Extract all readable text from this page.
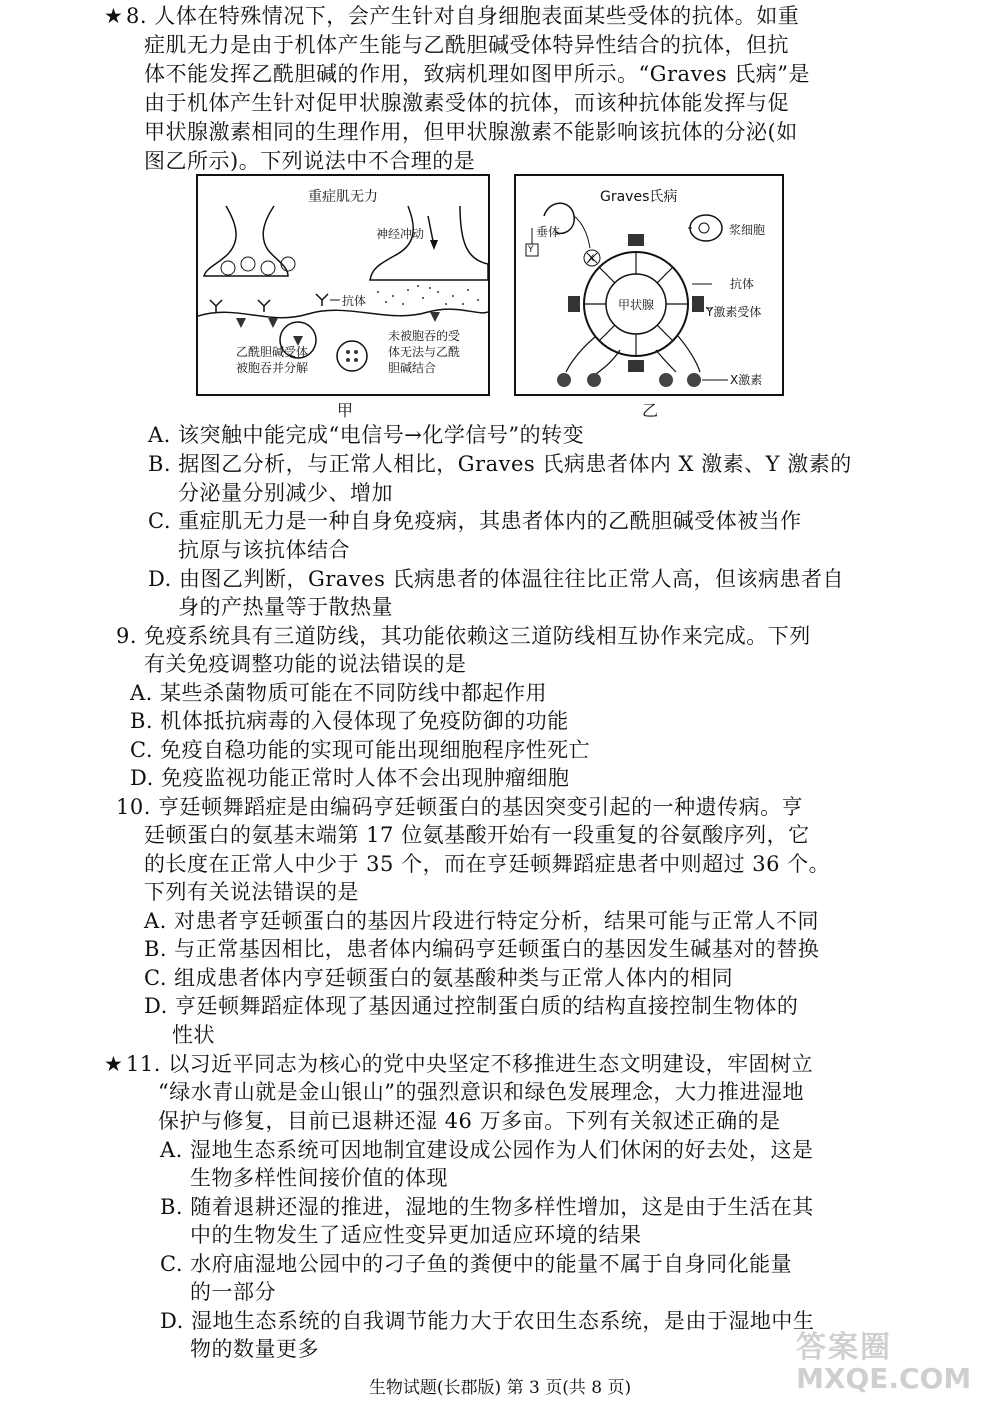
★ 8. 人体在特殊情况下，会产生针对自身细胞表面某些受体的抗体。如重
症肌无力是由于机体产生能与乙酰胆碱受体特异性结合的抗体，但抗
体不能发挥乙酰胆碱的作用，致病机理如图甲所示。“Graves 氏病”是
由于机体产生针对促甲状腺激素受体的抗体，而该种抗体能发挥与促
甲状腺激素相同的生理作用，但甲状腺激素不能影响该抗体的分泌(如
图乙所示)。下列说法中不合理的是
重症肌无力
神经冲动
抗体
乙酰胆碱受体
被胞吞并分解
未被胞吞的受
体无法与乙酰
胆碱结合
甲
Graves氏病
垂体	浆细胞
抗体
甲状腺	Y激素受体
X激素
X
Y
乙
A. 该突触中能完成“电信号→化学信号”的转变
B. 据图乙分析，与正常人相比，Graves 氏病患者体内 X 激素、Y 激素的
分泌量分别减少、增加
C. 重症肌无力是一种自身免疫病，其患者体内的乙酰胆碱受体被当作
抗原与该抗体结合
D. 由图乙判断，Graves 氏病患者的体温往往比正常人高，但该病患者自
身的产热量等于散热量
9. 免疫系统具有三道防线，其功能依赖这三道防线相互协作来完成。下列
有关免疫调整功能的说法错误的是
A. 某些杀菌物质可能在不同防线中都起作用
B. 机体抵抗病毒的入侵体现了免疫防御的功能
C. 免疫自稳功能的实现可能出现细胞程序性死亡
D. 免疫监视功能正常时人体不会出现肿瘤细胞
10. 亨廷顿舞蹈症是由编码亨廷顿蛋白的基因突变引起的一种遗传病。亨
廷顿蛋白的氨基末端第 17 位氨基酸开始有一段重复的谷氨酸序列，它
的长度在正常人中少于 35 个，而在亨廷顿舞蹈症患者中则超过 36 个。
下列有关说法错误的是
A. 对患者亨廷顿蛋白的基因片段进行特定分析，结果可能与正常人不同
B. 与正常基因相比，患者体内编码亨廷顿蛋白的基因发生碱基对的替换
C. 组成患者体内亨廷顿蛋白的氨基酸种类与正常人体内的相同
D. 亨廷顿舞蹈症体现了基因通过控制蛋白质的结构直接控制生物体的
性状
★ 11. 以习近平同志为核心的党中央坚定不移推进生态文明建设，牢固树立
“绿水青山就是金山银山”的强烈意识和绿色发展理念，大力推进湿地
保护与修复，目前已退耕还湿 46 万多亩。下列有关叙述正确的是
A. 湿地生态系统可因地制宜建设成公园作为人们休闲的好去处，这是
生物多样性间接价值的体现
B. 随着退耕还湿的推进，湿地的生物多样性增加，这是由于生活在其
中的生物发生了适应性变异更加适应环境的结果
C. 水府庙湿地公园中的刁子鱼的粪便中的能量不属于自身同化能量
的一部分
D. 湿地生态系统的自我调节能力大于农田生态系统，是由于湿地中生
物的数量更多
生物试题(长郡版) 第 3 页(共 8 页)
答案圈
MXQE.COM
